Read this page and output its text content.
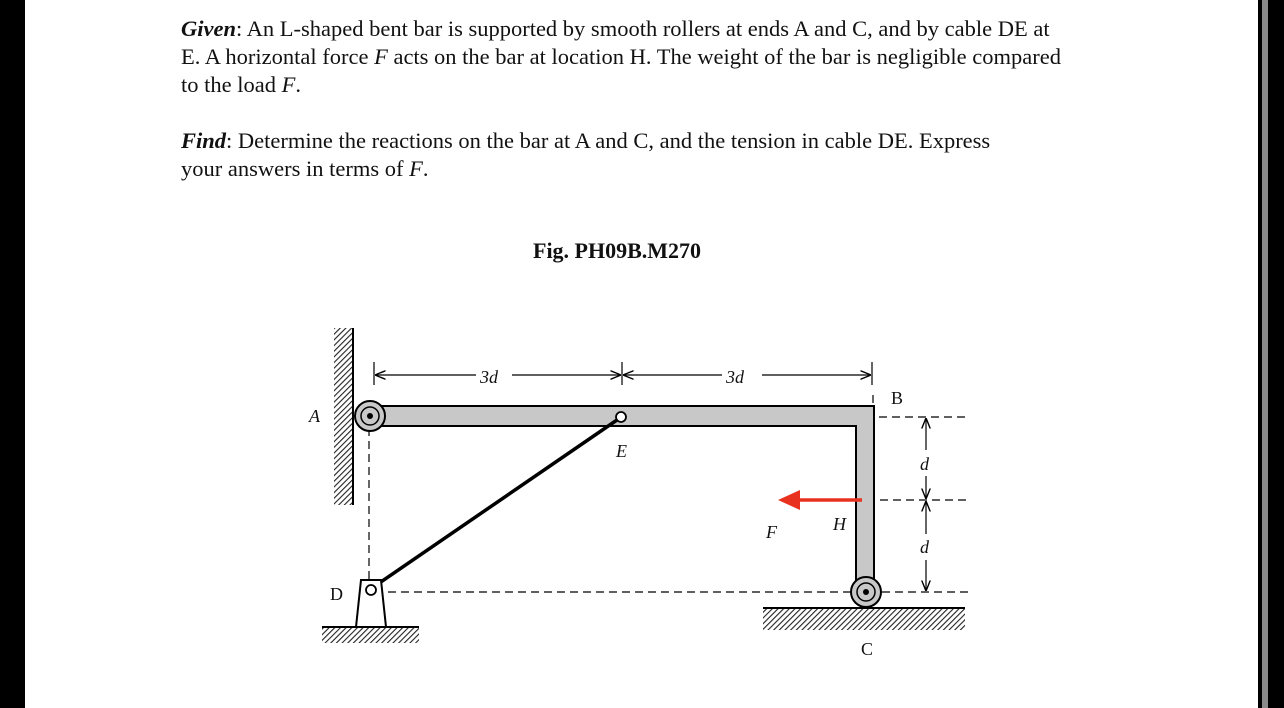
Given: An L-shaped bent bar is supported by smooth rollers at ends A and C, and by cable DE at E. A horizontal force F acts on the bar at location H. The weight of the bar is negligible compared to the load F.

Find: Determine the reactions on the bar at A and C, and the tension in cable DE. Express your answers in terms of F.

Fig. PH09B.M270
A
D
E
B
F	H
C
3d	3d
d
d
